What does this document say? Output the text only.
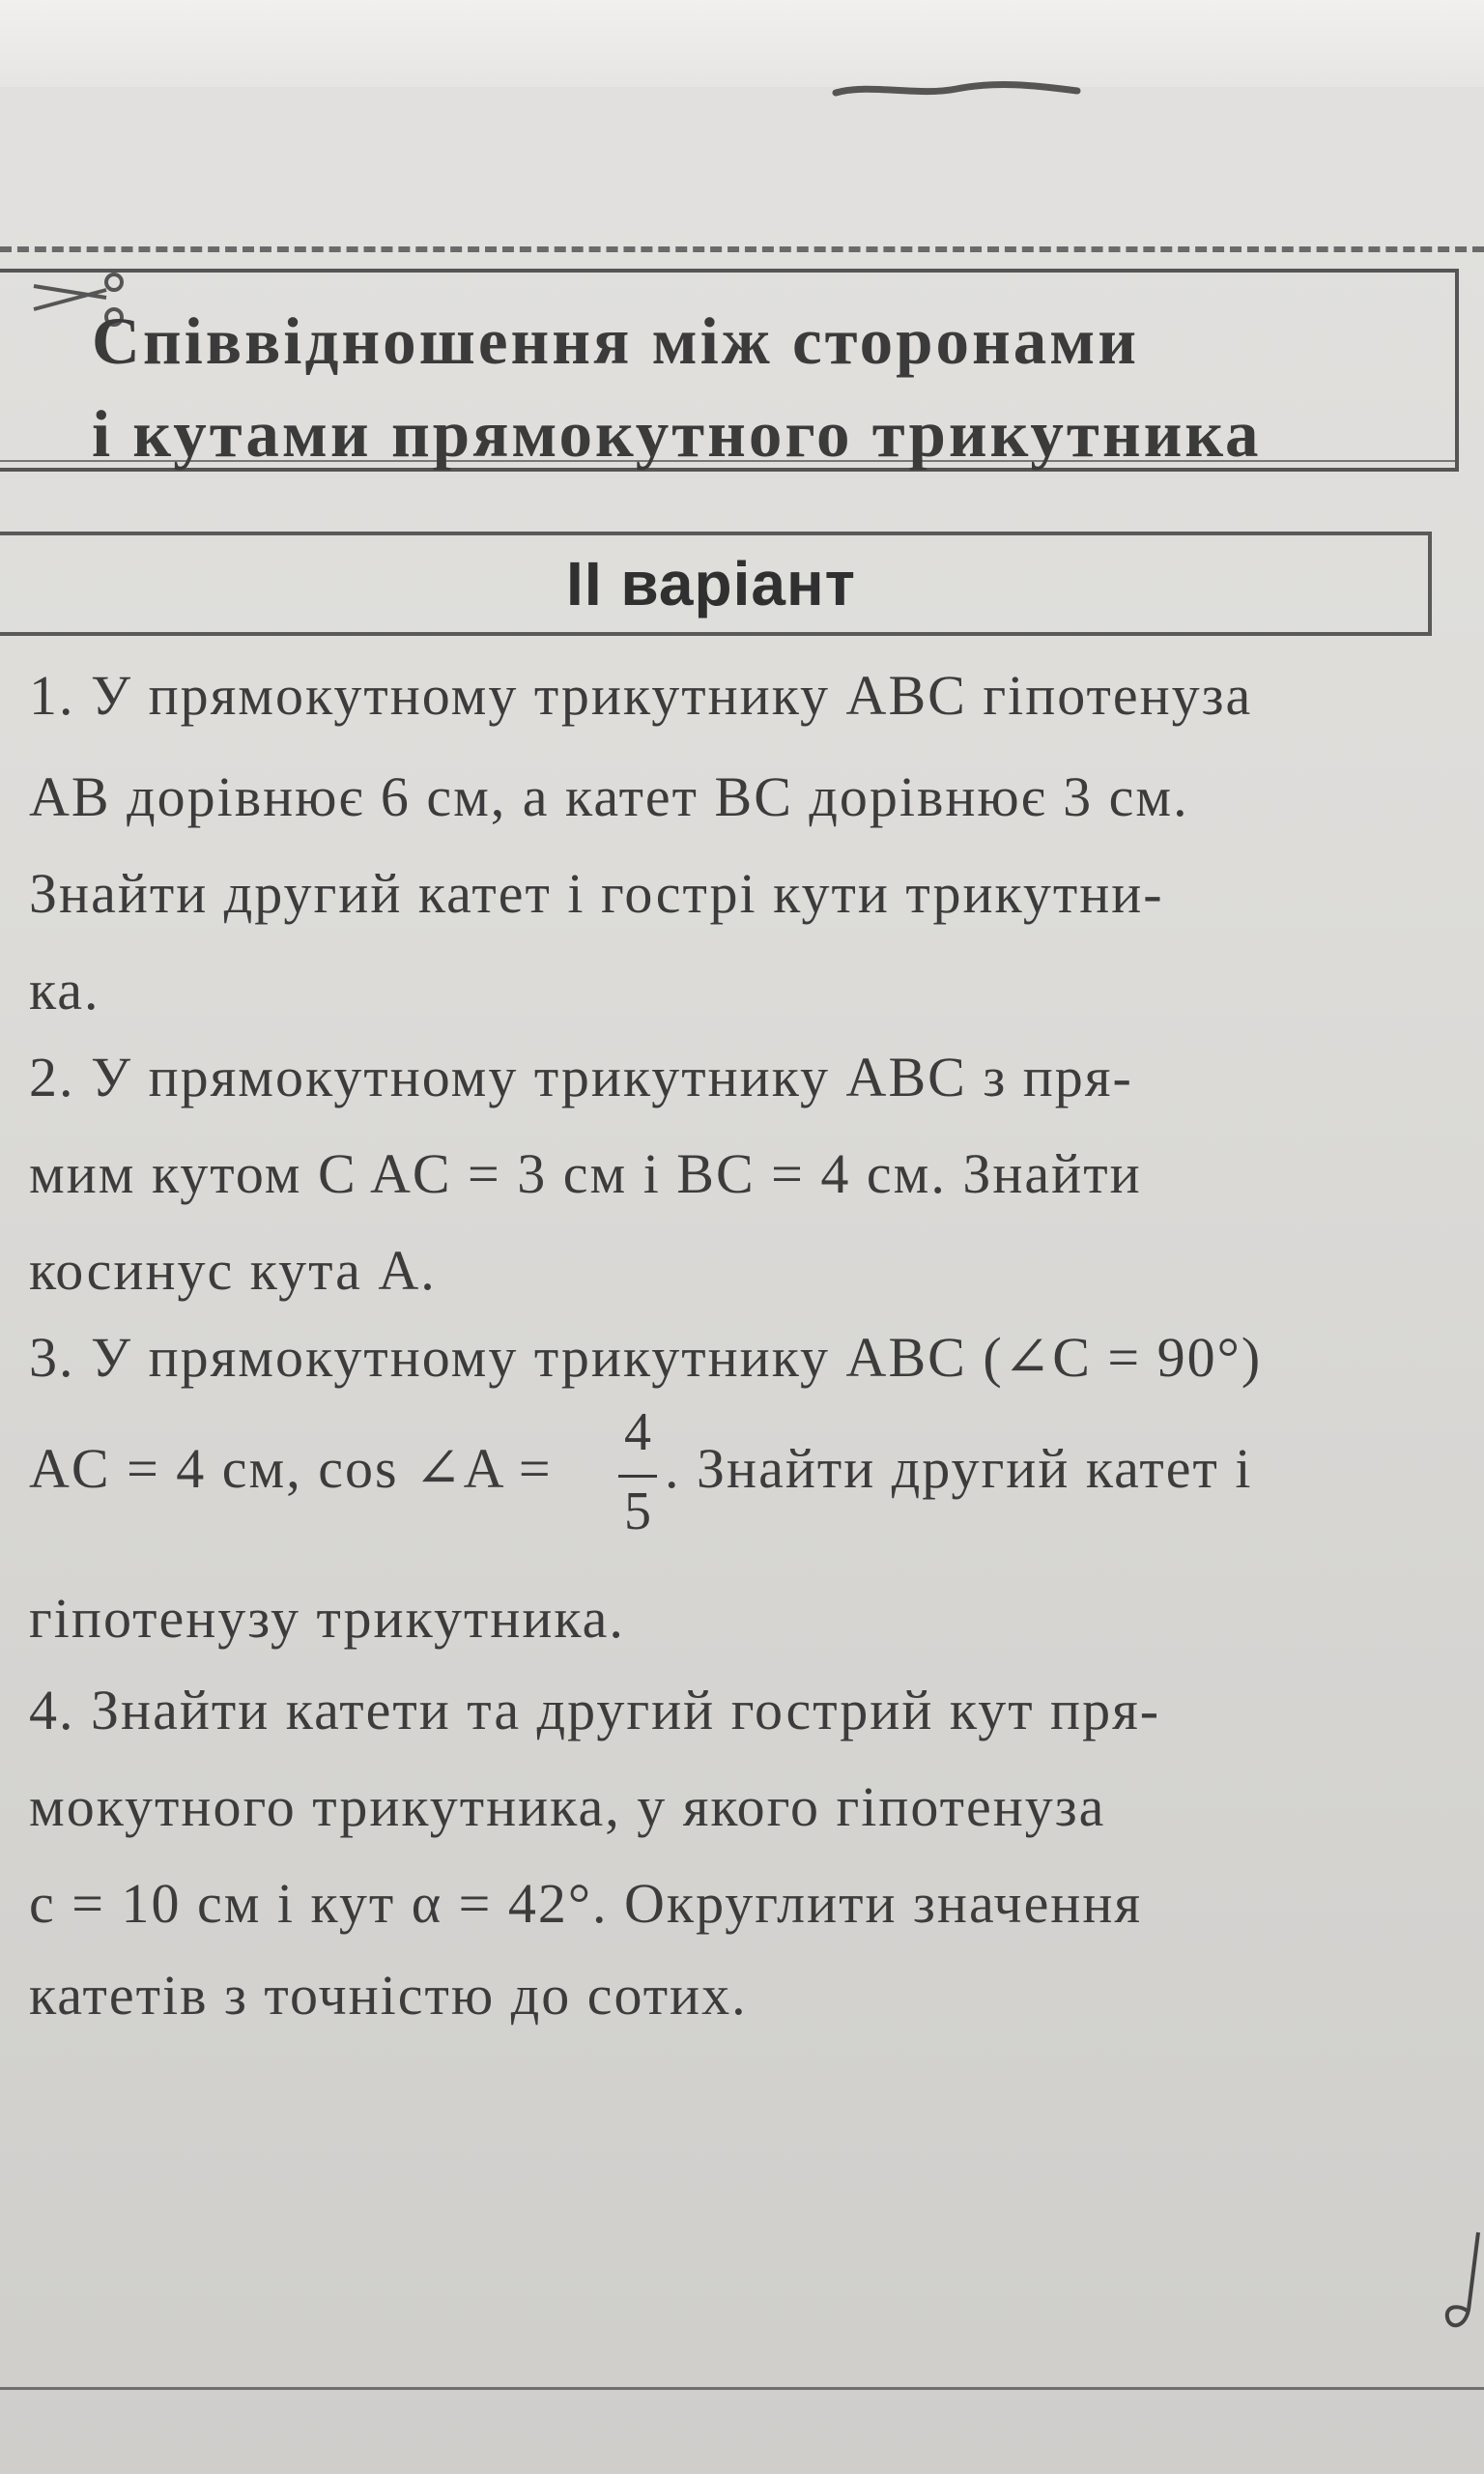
Співвідношення між сторонами
і кутами прямокутного трикутника
II варіант
1. У прямокутному трикутнику ABC гіпотенуза
AB дорівнює 6 см, а катет BC дорівнює 3 см.
Знайти другий катет і гострі кути трикутни-
ка.
2. У прямокутному трикутнику ABC з пря-
мим кутом C AC = 3 см і BC = 4 см. Знайти
косинус кута A.
3. У прямокутному трикутнику ABC (∠C = 90°)
AC = 4 см, cos ∠A =
4
5
. Знайти другий катет і
гіпотенузу трикутника.
4. Знайти катети та другий гострий кут пря-
мокутного трикутника, у якого гіпотенуза
c = 10 см і кут α = 42°. Округлити значення
катетів з точністю до сотих.
